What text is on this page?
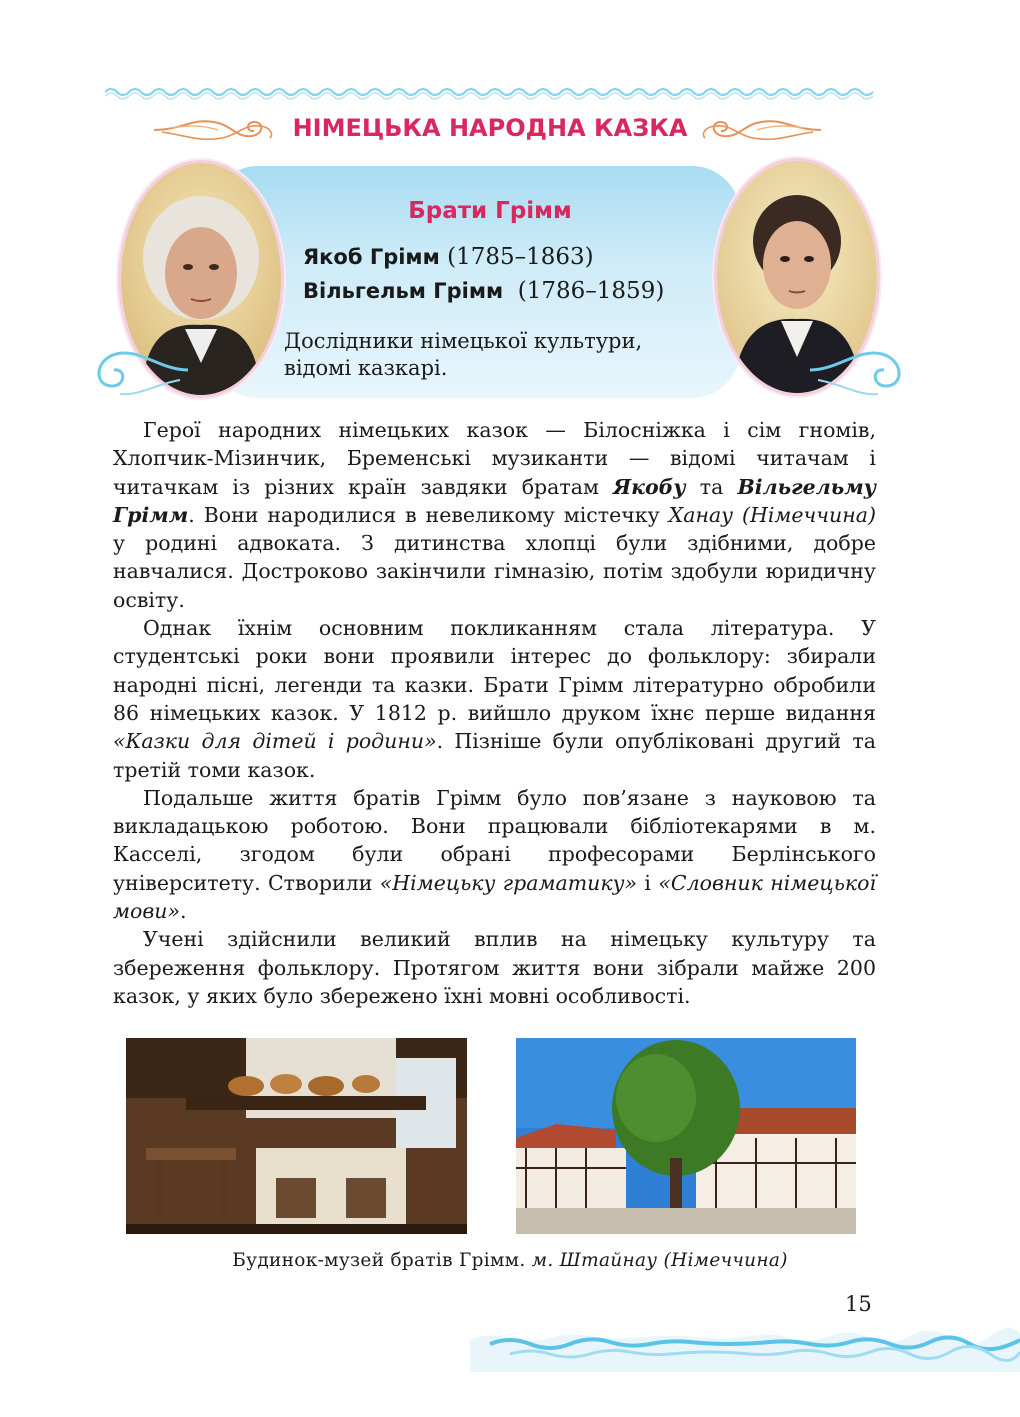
НІМЕЦЬКА НАРОДНА КАЗКА
Брати Грімм
Якоб Грімм (1785–1863)
Вільгельм Грімм (1786–1859)
Дослідники німецької культури,
відомі казкарі.

Герої народних німецьких казок — Білосніжка і сім гномів, Хлопчик-Мізинчик, Бременські музиканти — відомі читачам і читачкам із різних країн завдяки братам Якобу та Вільгельму Грімм. Вони народилися в невеликому містечку Ханау (Німеччина) у родині адвоката. З дитинства хлопці були здібними, добре навчалися. Достроково закінчили гімназію, потім здобули юридичну освіту.

Однак їхнім основним покликанням стала література. У студентські роки вони проявили інтерес до фольклору: збирали народні пісні, легенди та казки. Брати Грімм літературно обробили 86 німецьких казок. У 1812 р. вийшло друком їхнє перше видання «Казки для дітей і родини». Пізніше були опубліковані другий та третій томи казок.

Подальше життя братів Грімм було пов’язане з науковою та викладацькою роботою. Вони працювали бібліотекарями в м. Касселі, згодом були обрані професорами Берлінського університету. Створили «Німецьку граматику» і «Словник німецької мови».

Учені здійснили великий вплив на німецьку культуру та збереження фольклору. Протягом життя вони зібрали майже 200 казок, у яких було збережено їхні мовні особливості.

Будинок-музей братів Грімм. м. Штайнау (Німеччина)
15
